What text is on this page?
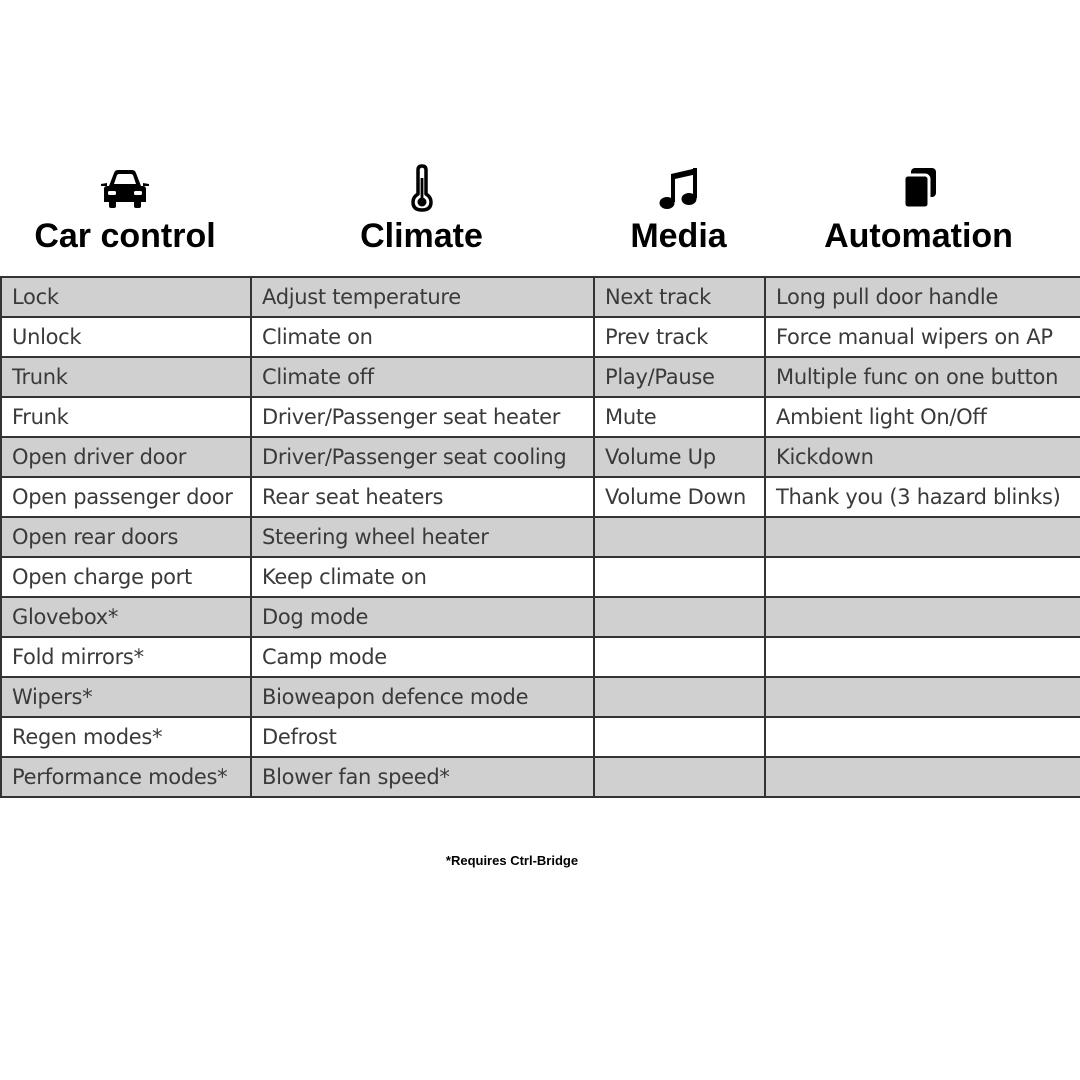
Car control	Climate	Media	Automation
Lock	Adjust temperature	Next track	Long pull door handle
Unlock	Climate on	Prev track	Force manual wipers on AP
Trunk	Climate off	Play/Pause	Multiple func on one button
Frunk	Driver/Passenger seat heater	Mute	Ambient light On/Off
Open driver door	Driver/Passenger seat cooling	Volume Up	Kickdown
Open passenger door	Rear seat heaters	Volume Down	Thank you (3 hazard blinks)
Open rear doors	Steering wheel heater		
Open charge port	Keep climate on		
Glovebox*	Dog mode		
Fold mirrors*	Camp mode		
Wipers*	Bioweapon defence mode		
Regen modes*	Defrost		
Performance modes*	Blower fan speed*		
*Requires Ctrl-Bridge
